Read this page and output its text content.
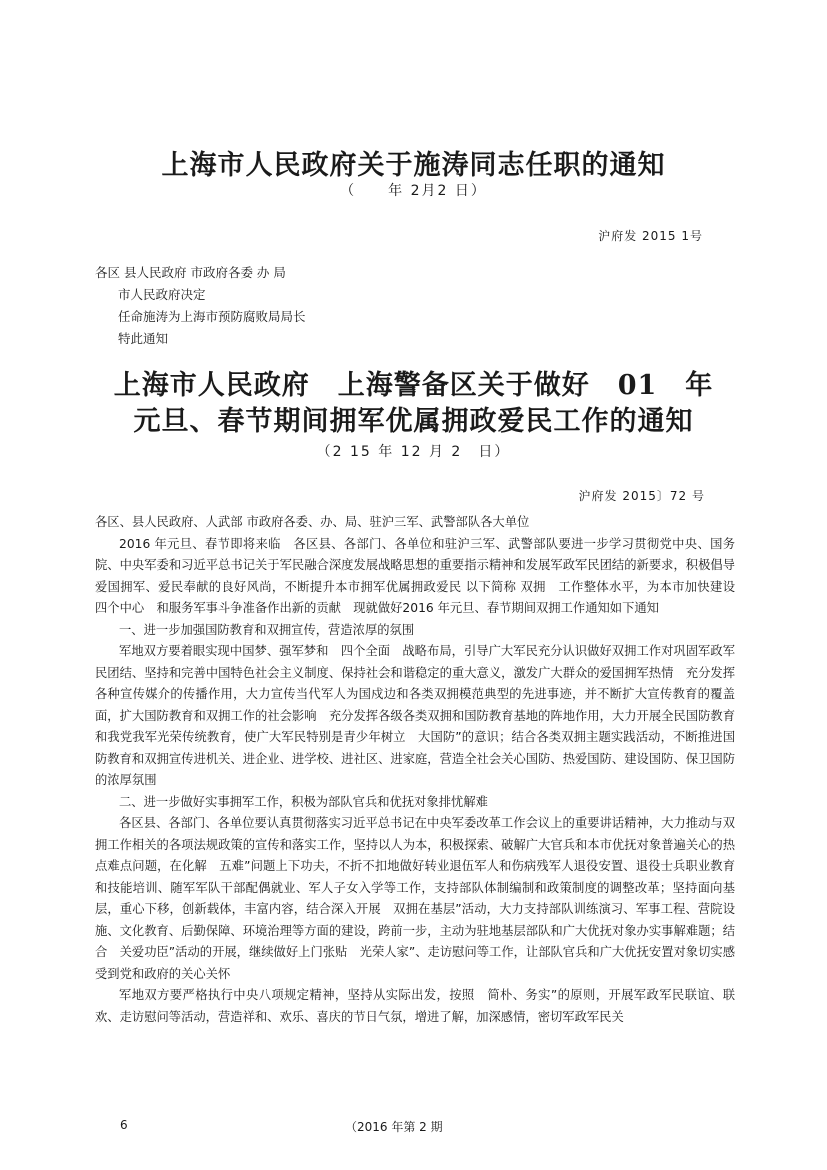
上海市人民政府关于施涛同志任职的通知
（　　年 2月2 日）
沪府发 2015 1号
各区 县人民政府 市政府各委 办 局
市人民政府决定
任命施涛为上海市预防腐败局局长
特此通知
上海市人民政府　上海警备区关于做好　01　年
元旦、春节期间拥军优属拥政爱民工作的通知
（2 15 年 12 月 2　日）
沪府发 2015〕72 号

各区、县人民政府、人武部 市政府各委、办、局、驻沪三军、武警部队各大单位

2016 年元旦、春节即将来临　各区县、各部门、各单位和驻沪三军、武警部队要进一步学习贯彻党中央、国务院、中央军委和习近平总书记关于军民融合深度发展战略思想的重要指示精神和发展军政军民团结的新要求，积极倡导爱国拥军、爱民奉献的良好风尚，不断提升本市拥军优属拥政爱民 以下简称 双拥　工作整体水平，为本市加快建设　四个中心　和服务军事斗争准备作出新的贡献　现就做好2016 年元旦、春节期间双拥工作通知如下通知

一、进一步加强国防教育和双拥宣传，营造浓厚的氛围

军地双方要着眼实现中国梦、强军梦和　四个全面　战略布局，引导广大军民充分认识做好双拥工作对巩固军政军民团结、坚持和完善中国特色社会主义制度、保持社会和谐稳定的重大意义，激发广大群众的爱国拥军热情　充分发挥各种宣传媒介的传播作用，大力宣传当代军人为国戍边和各类双拥模范典型的先进事迹，并不断扩大宣传教育的覆盖面，扩大国防教育和双拥工作的社会影响　充分发挥各级各类双拥和国防教育基地的阵地作用，大力开展全民国防教育和我党我军光荣传统教育，使广大军民特别是青少年树立　大国防”的意识；结合各类双拥主题实践活动，不断推进国防教育和双拥宣传进机关、进企业、进学校、进社区、进家庭，营造全社会关心国防、热爱国防、建设国防、保卫国防的浓厚氛围

二、进一步做好实事拥军工作，积极为部队官兵和优抚对象排忧解难

各区县、各部门、各单位要认真贯彻落实习近平总书记在中央军委改革工作会议上的重要讲话精神，大力推动与双拥工作相关的各项法规政策的宣传和落实工作，坚持以人为本，积极探索、破解广大官兵和本市优抚对象普遍关心的热点难点问题，在化解　五难”问题上下功夫，不折不扣地做好转业退伍军人和伤病残军人退役安置、退役士兵职业教育和技能培训、随军军队干部配偶就业、军人子女入学等工作，支持部队体制编制和政策制度的调整改革；坚持面向基层，重心下移，创新载体，丰富内容，结合深入开展　双拥在基层”活动，大力支持部队训练演习、军事工程、营院设施、文化教育、后勤保障、环境治理等方面的建设，跨前一步，主动为驻地基层部队和广大优抚对象办实事解难题；结合　关爱功臣”活动的开展，继续做好上门张贴　光荣人家”、走访慰问等工作，让部队官兵和广大优抚安置对象切实感受到党和政府的关心关怀

军地双方要严格执行中央八项规定精神，坚持从实际出发，按照　简朴、务实”的原则，开展军政军民联谊、联欢、走访慰问等活动，营造祥和、欢乐、喜庆的节日气氛，增进了解，加深感情，密切军政军民关

6	（2016 年第 2 期
